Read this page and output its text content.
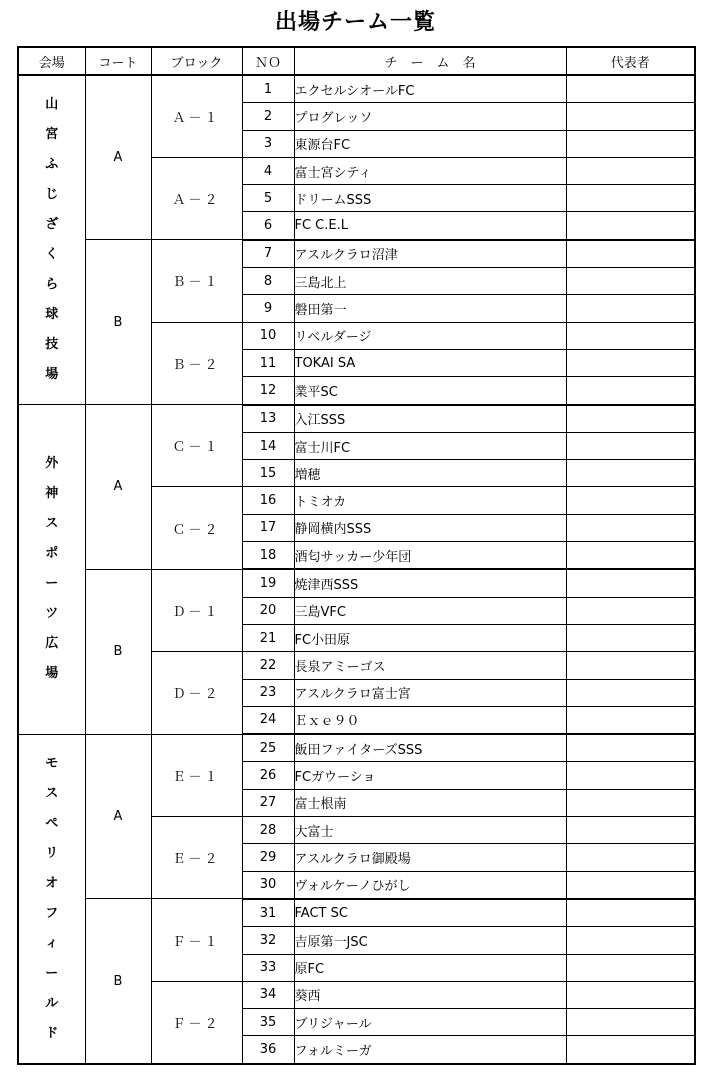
出場チーム一覧
会場	コート	ブロック	ＮＯ	チ　ー　ム　名	代表者
山宮ふじざくら球技場	A	Ａ－１	1	エクセルシオールFC	
			2	プログレッソ	
			3	東源台FC	
		Ａ－２	4	富士宮シティ	
			5	ドリームSSS	
			6	FC C.E.L	
	B	Ｂ－１	7	アスルクラロ沼津	
			8	三島北上	
			9	磐田第一	
		Ｂ－２	10	リベルダージ	
			11	TOKAI SA	
			12	業平SC	
外神スポーツ広場	A	Ｃ－１	13	入江SSS	
			14	富士川FC	
			15	増穂	
		Ｃ－２	16	トミオカ	
			17	静岡横内SSS	
			18	酒匂サッカー少年団	
	B	Ｄ－１	19	焼津西SSS	
			20	三島VFC	
			21	FC小田原	
		Ｄ－２	22	長泉アミーゴス	
			23	アスルクラロ富士宮	
			24	Ｅｘｅ９０	
モスペリオフィールド	A	Ｅ－１	25	飯田ファイターズSSS	
			26	FCガウーショ	
			27	富士根南	
		Ｅ－２	28	大富士	
			29	アスルクラロ御殿場	
			30	ヴォルケーノひがし	
	B	Ｆ－１	31	FACT SC	
			32	吉原第一JSC	
			33	原FC	
		Ｆ－２	34	葵西	
			35	ブリジャール	
			36	フォルミーガ	
